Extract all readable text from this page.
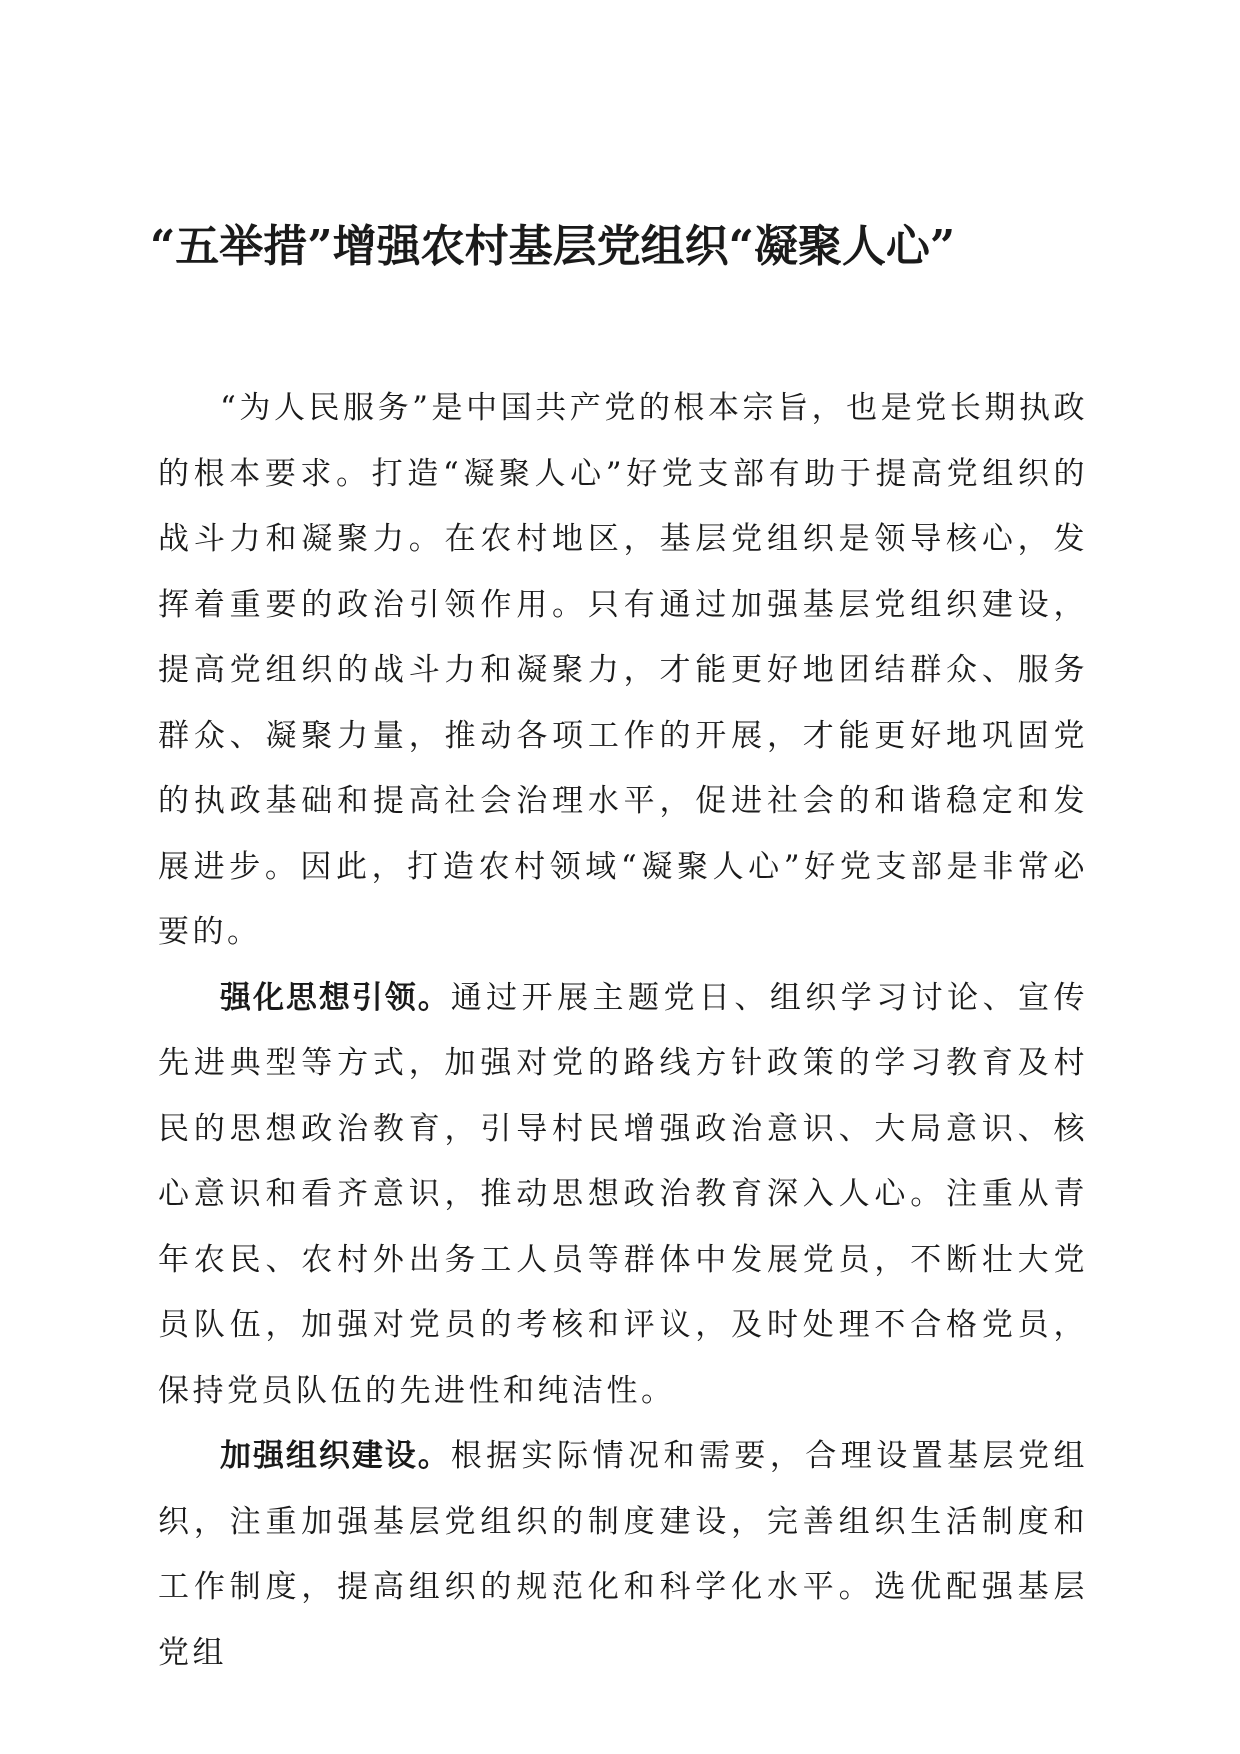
“五举措”增强农村基层党组织“凝聚人心”

“为人民服务”是中国共产党的根本宗旨，也是党长期执政的根本要求。打造“凝聚人心”好党支部有助于提高党组织的战斗力和凝聚力。在农村地区，基层党组织是领导核心，发挥着重要的政治引领作用。只有通过加强基层党组织建设，提高党组织的战斗力和凝聚力，才能更好地团结群众、服务群众、凝聚力量，推动各项工作的开展，才能更好地巩固党的执政基础和提高社会治理水平，促进社会的和谐稳定和发展进步。因此，打造农村领域“凝聚人心”好党支部是非常必要的。

强化思想引领。通过开展主题党日、组织学习讨论、宣传先进典型等方式，加强对党的路线方针政策的学习教育及村民的思想政治教育，引导村民增强政治意识、大局意识、核心意识和看齐意识，推动思想政治教育深入人心。注重从青年农民、农村外出务工人员等群体中发展党员，不断壮大党员队伍，加强对党员的考核和评议，及时处理不合格党员，保持党员队伍的先进性和纯洁性。

加强组织建设。根据实际情况和需要，合理设置基层党组织，注重加强基层党组织的制度建设，完善组织生活制度和工作制度，提高组织的规范化和科学化水平。选优配强基层党组
